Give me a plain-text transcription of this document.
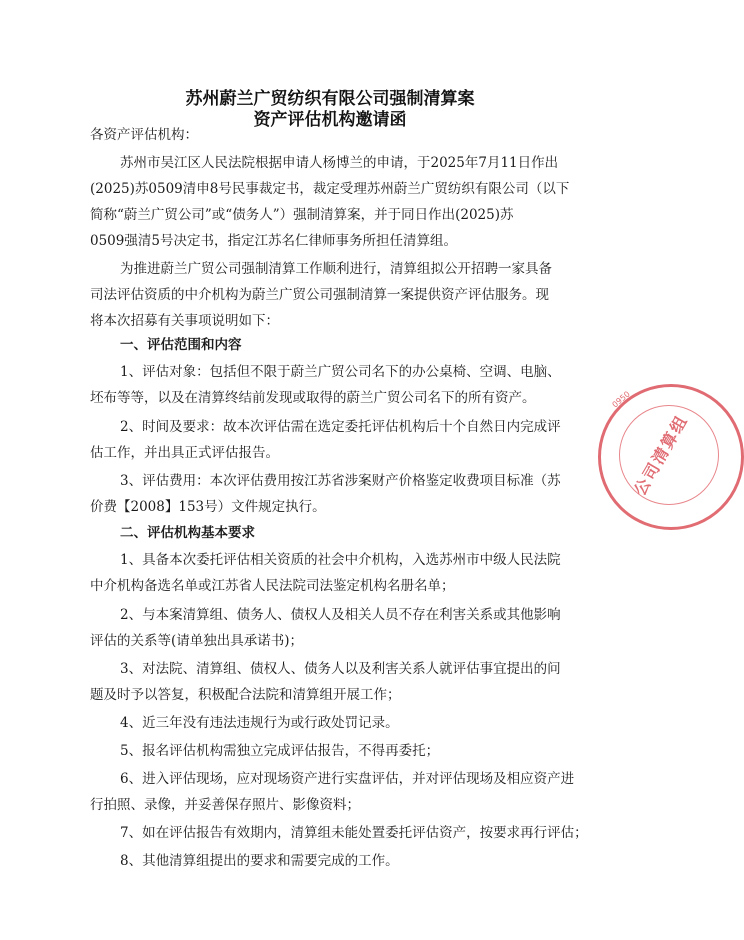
苏州蔚兰广贸纺织有限公司强制清算案
资产评估机构邀请函
各资产评估机构：
苏州市吴江区人民法院根据申请人杨博兰的申请，于2025年7月11日作出
(2025)苏0509清申8号民事裁定书，裁定受理苏州蔚兰广贸纺织有限公司（以下
简称“蔚兰广贸公司”或“债务人”）强制清算案，并于同日作出(2025)苏
0509强清5号决定书，指定江苏名仁律师事务所担任清算组。
为推进蔚兰广贸公司强制清算工作顺利进行，清算组拟公开招聘一家具备
司法评估资质的中介机构为蔚兰广贸公司强制清算一案提供资产评估服务。现
将本次招募有关事项说明如下：
一、评估范围和内容
1、评估对象：包括但不限于蔚兰广贸公司名下的办公桌椅、空调、电脑、
坯布等等，以及在清算终结前发现或取得的蔚兰广贸公司名下的所有资产。
2、时间及要求：故本次评估需在选定委托评估机构后十个自然日内完成评
估工作，并出具正式评估报告。
3、评估费用：本次评估费用按江苏省涉案财产价格鉴定收费项目标准（苏
价费【2008】153号）文件规定执行。
二、评估机构基本要求
1、具备本次委托评估相关资质的社会中介机构，入选苏州市中级人民法院
中介机构备选名单或江苏省人民法院司法鉴定机构名册名单；
2、与本案清算组、债务人、债权人及相关人员不存在利害关系或其他影响
评估的关系等(请单独出具承诺书)；
3、对法院、清算组、债权人、债务人以及利害关系人就评估事宜提出的问
题及时予以答复，积极配合法院和清算组开展工作；
4、近三年没有违法违规行为或行政处罚记录。
5、报名评估机构需独立完成评估报告，不得再委托；
6、进入评估现场，应对现场资产进行实盘评估，并对评估现场及相应资产进
行拍照、录像，并妥善保存照片、影像资料；
7、如在评估报告有效期内，清算组未能处置委托评估资产，按要求再行评估；
8、其他清算组提出的要求和需要完成的工作。
0950
公司清算组
